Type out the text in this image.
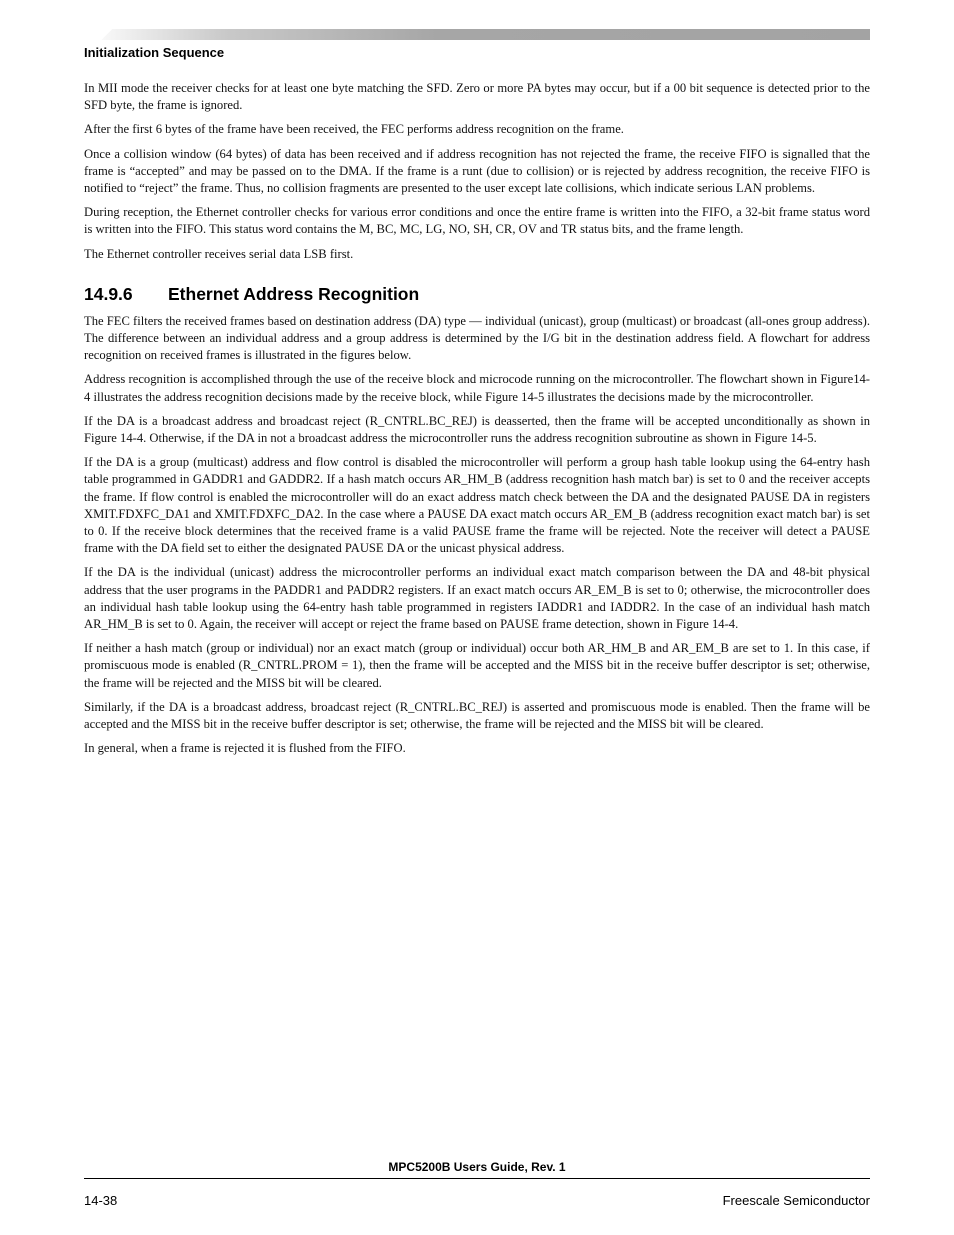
Initialization Sequence

In MII mode the receiver checks for at least one byte matching the SFD. Zero or more PA bytes may occur, but if a 00 bit sequence is detected prior to the SFD byte, the frame is ignored.

After the first 6 bytes of the frame have been received, the FEC performs address recognition on the frame.

Once a collision window (64 bytes) of data has been received and if address recognition has not rejected the frame, the receive FIFO is signalled that the frame is “accepted” and may be passed on to the DMA. If the frame is a runt (due to collision) or is rejected by address recognition, the receive FIFO is notified to “reject” the frame. Thus, no collision fragments are presented to the user except late collisions, which indicate serious LAN problems.

During reception, the Ethernet controller checks for various error conditions and once the entire frame is written into the FIFO, a 32-bit frame status word is written into the FIFO. This status word contains the M, BC, MC, LG, NO, SH, CR, OV and TR status bits, and the frame length.

The Ethernet controller receives serial data LSB first.

14.9.6 Ethernet Address Recognition

The FEC filters the received frames based on destination address (DA) type — individual (unicast), group (multicast) or broadcast (all-ones group address). The difference between an individual address and a group address is determined by the I/G bit in the destination address field. A flowchart for address recognition on received frames is illustrated in the figures below.

Address recognition is accomplished through the use of the receive block and microcode running on the microcontroller. The flowchart shown in Figure14-4 illustrates the address recognition decisions made by the receive block, while Figure 14-5 illustrates the decisions made by the microcontroller.

If the DA is a broadcast address and broadcast reject (R_CNTRL.BC_REJ) is deasserted, then the frame will be accepted unconditionally as shown in Figure 14-4. Otherwise, if the DA in not a broadcast address the microcontroller runs the address recognition subroutine as shown in Figure 14-5.

If the DA is a group (multicast) address and flow control is disabled the microcontroller will perform a group hash table lookup using the 64-entry hash table programmed in GADDR1 and GADDR2. If a hash match occurs AR_HM_B (address recognition hash match bar) is set to 0 and the receiver accepts the frame. If flow control is enabled the microcontroller will do an exact address match check between the DA and the designated PAUSE DA in registers XMIT.FDXFC_DA1 and XMIT.FDXFC_DA2. In the case where a PAUSE DA exact match occurs AR_EM_B (address recognition exact match bar) is set to 0. If the receive block determines that the received frame is a valid PAUSE frame the frame will be rejected. Note the receiver will detect a PAUSE frame with the DA field set to either the designated PAUSE DA or the unicast physical address.

If the DA is the individual (unicast) address the microcontroller performs an individual exact match comparison between the DA and 48-bit physical address that the user programs in the PADDR1 and PADDR2 registers. If an exact match occurs AR_EM_B is set to 0; otherwise, the microcontroller does an individual hash table lookup using the 64-entry hash table programmed in registers IADDR1 and IADDR2. In the case of an individual hash match AR_HM_B is set to 0. Again, the receiver will accept or reject the frame based on PAUSE frame detection, shown in Figure 14-4.

If neither a hash match (group or individual) nor an exact match (group or individual) occur both AR_HM_B and AR_EM_B are set to 1. In this case, if promiscuous mode is enabled (R_CNTRL.PROM = 1), then the frame will be accepted and the MISS bit in the receive buffer descriptor is set; otherwise, the frame will be rejected and the MISS bit will be cleared.

Similarly, if the DA is a broadcast address, broadcast reject (R_CNTRL.BC_REJ) is asserted and promiscuous mode is enabled. Then the frame will be accepted and the MISS bit in the receive buffer descriptor is set; otherwise, the frame will be rejected and the MISS bit will be cleared.

In general, when a frame is rejected it is flushed from the FIFO.

MPC5200B Users Guide, Rev. 1
14-38	Freescale Semiconductor
